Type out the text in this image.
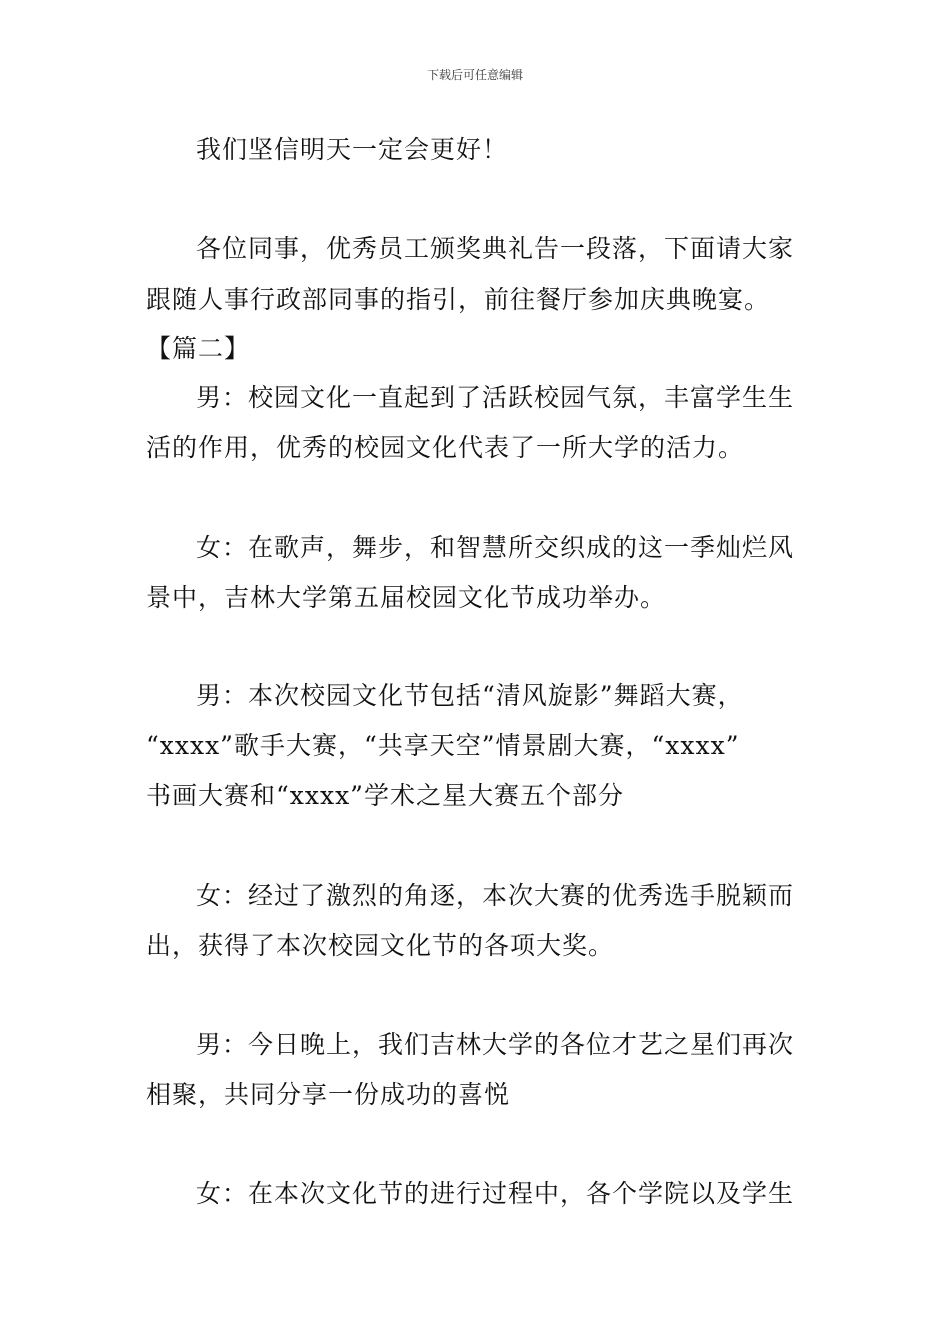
下载后可任意编辑
我们坚信明天一定会更好！
各位同事，优秀员工颁奖典礼告一段落，下面请大家
跟随人事行政部同事的指引，前往餐厅参加庆典晚宴。
【篇二】
男：校园文化一直起到了活跃校园气氛，丰富学生生
活的作用，优秀的校园文化代表了一所大学的活力。
女：在歌声，舞步，和智慧所交织成的这一季灿烂风
景中，吉林大学第五届校园文化节成功举办。
男：本次校园文化节包括“清风旋影”舞蹈大赛，
“xxxx”歌手大赛，“共享天空”情景剧大赛，“xxxx”
书画大赛和“xxxx”学术之星大赛五个部分
女：经过了激烈的角逐，本次大赛的优秀选手脱颖而
出，获得了本次校园文化节的各项大奖。
男：今日晚上，我们吉林大学的各位才艺之星们再次
相聚，共同分享一份成功的喜悦
女：在本次文化节的进行过程中，各个学院以及学生
